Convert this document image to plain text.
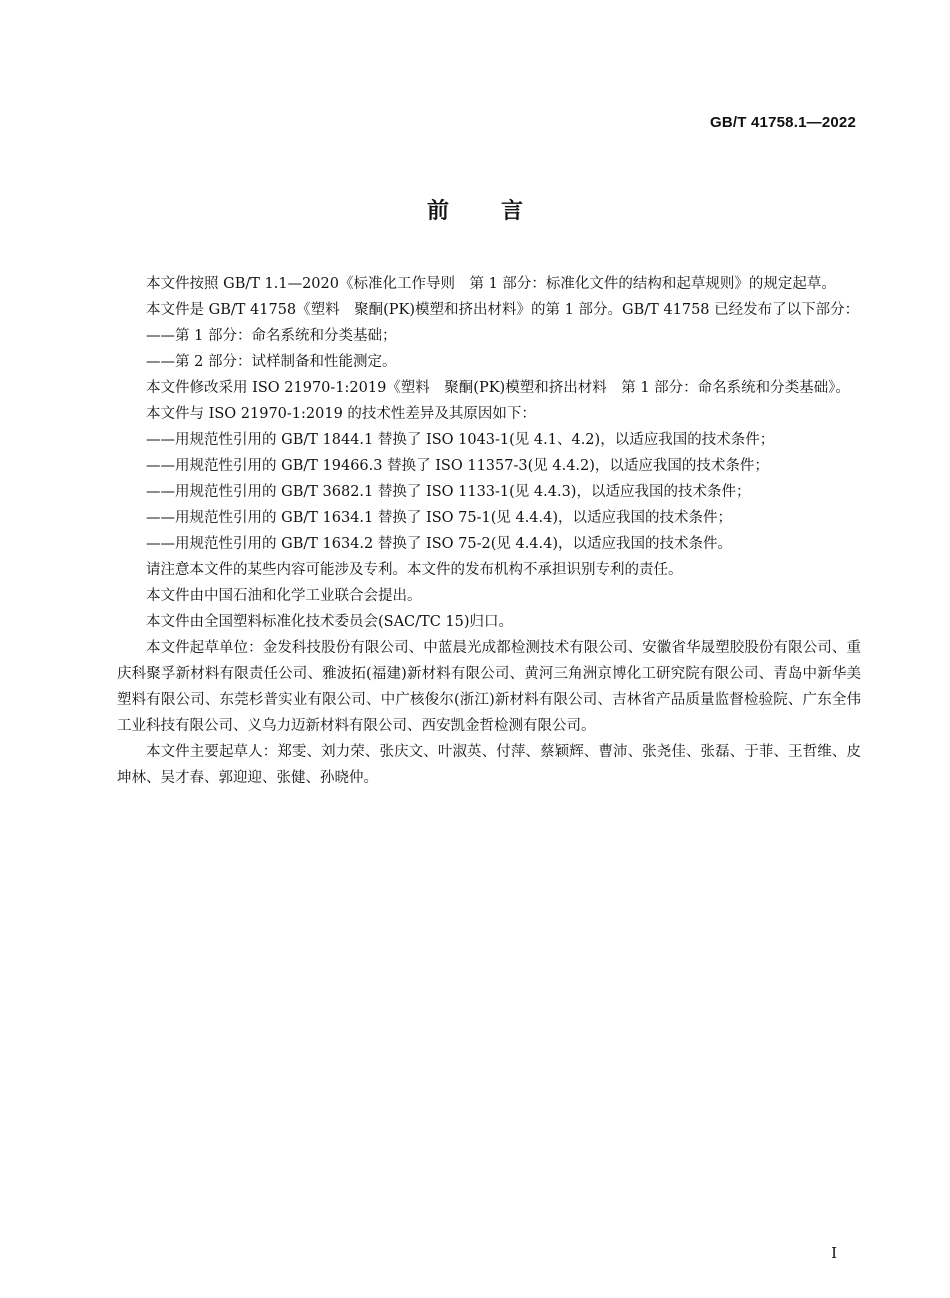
GB/T 41758.1—2022
前言

本文件按照 GB/T 1.1—2020《标准化工作导则　第 1 部分：标准化文件的结构和起草规则》的规定起草。

本文件是 GB/T 41758《塑料　聚酮(PK)模塑和挤出材料》的第 1 部分。GB/T 41758 已经发布了以下部分：

——第 1 部分：命名系统和分类基础；

——第 2 部分：试样制备和性能测定。

本文件修改采用 ISO 21970-1:2019《塑料　聚酮(PK)模塑和挤出材料　第 1 部分：命名系统和分类基础》。

本文件与 ISO 21970-1:2019 的技术性差异及其原因如下：

——用规范性引用的 GB/T 1844.1 替换了 ISO 1043-1(见 4.1、4.2)，以适应我国的技术条件；

——用规范性引用的 GB/T 19466.3 替换了 ISO 11357-3(见 4.4.2)，以适应我国的技术条件；

——用规范性引用的 GB/T 3682.1 替换了 ISO 1133-1(见 4.4.3)，以适应我国的技术条件；

——用规范性引用的 GB/T 1634.1 替换了 ISO 75-1(见 4.4.4)，以适应我国的技术条件；

——用规范性引用的 GB/T 1634.2 替换了 ISO 75-2(见 4.4.4)，以适应我国的技术条件。

请注意本文件的某些内容可能涉及专利。本文件的发布机构不承担识别专利的责任。

本文件由中国石油和化学工业联合会提出。

本文件由全国塑料标准化技术委员会(SAC/TC 15)归口。

本文件起草单位：金发科技股份有限公司、中蓝晨光成都检测技术有限公司、安徽省华晟塑胶股份有限公司、重庆科聚孚新材料有限责任公司、雅波拓(福建)新材料有限公司、黄河三角洲京博化工研究院有限公司、青岛中新华美塑料有限公司、东莞杉普实业有限公司、中广核俊尔(浙江)新材料有限公司、吉林省产品质量监督检验院、广东全伟工业科技有限公司、义乌力迈新材料有限公司、西安凯金哲检测有限公司。

本文件主要起草人：郑雯、刘力荣、张庆文、叶淑英、付萍、蔡颖辉、曹沛、张尧佳、张磊、于菲、王哲维、皮坤林、吴才春、郭迎迎、张健、孙晓仲。

I
